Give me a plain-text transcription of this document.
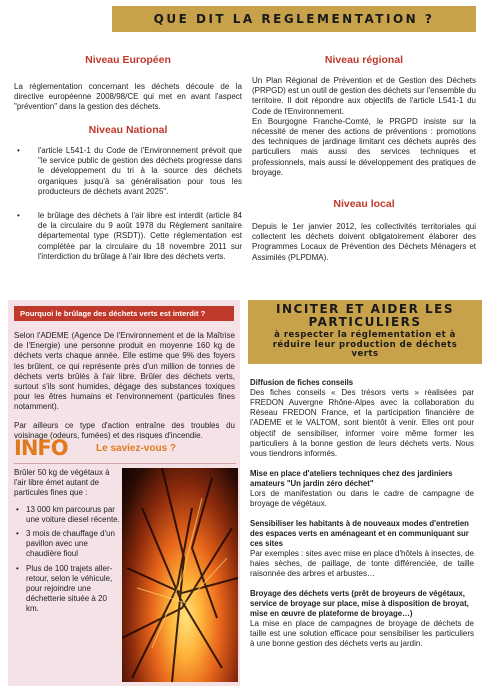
QUE DIT LA REGLEMENTATION ?
Niveau Européen

La réglementation concernant les déchets découle de la directive européenne 2008/98/CE qui met en avant l'aspect "prévention" dans la gestion des déchets.

Niveau National
• l'article L541-1 du Code de l'Environnement prévoit que "le service public de gestion des déchets progresse dans le développement du tri à la source des déchets organiques jusqu'à sa généralisation pour tous les producteurs de déchets avant 2025".
• le brûlage des déchets à l'air libre est interdit (article 84 de la circulaire du 9 août 1978 du Règlement sanitaire départemental type (RSDT)). Cette réglementation est complétée par la circulaire du 18 novembre 2011 sur l'interdiction du brûlage à l'air libre des déchets verts.
Niveau régional

Un Plan Régional de Prévention et de Gestion des Déchets (PRPGD) est un outil de gestion des déchets sur l'ensemble du territoire. Il doit répondre aux objectifs de l'article L541-1 du Code de l'Environnement.

En Bourgogne Franche-Comté, le PRGPD insiste sur la nécessité de mener des actions de préventions : promotions des techniques de jardinage limitant ces déchets auprès des particuliers mais aussi des services techniques et professionnels, mais aussi le développement des pratiques de broyage.

Niveau local

Depuis le 1er janvier 2012, les collectivités territoriales qui collectent les déchets doivent obligatoirement élaborer des Programmes Locaux de Prévention des Déchets Ménagers et Assimilés (PLPDMA).

Pourquoi le brûlage des déchets verts est interdit ?

Selon l'ADEME (Agence De l'Environnement et de la Maîtrise de l'Energie) une personne produit en moyenne 160 kg de déchets verts chaque année. Elle estime que 9% des foyers les brûlent, ce qui représente près d'un million de tonnes de déchets verts brûlés à l'air libre. Brûler des déchets verts, surtout s'ils sont humides, dégage des substances toxiques pour les êtres humains et l'environnement (particules fines notamment).

Par ailleurs ce type d'action entraîne des troubles du voisinage (odeurs, fumées) et des risques d'incendie.

INFO	Le saviez-vous ?

Brûler 50 kg de végétaux à l'air libre émet autant de particules fines que :

• 13 000 km parcourus par une voiture diesel récente.
• 3 mois de chauffage d'un pavillon avec une chaudière fioul
• Plus de 100 trajets aller-retour, selon le véhicule, pour rejoindre une déchetterie située à 20 km.
INCITER ET AIDER LES PARTICULIERS
à respecter la réglementation et à réduire leur production de déchets verts

Diffusion de fiches conseils

Des fiches conseils « Des trésors verts » réalisées par FREDON Auvergne Rhône-Alpes avec la collaboration du Réseau FREDON France, et la participation financière de l'ADEME et le VALTOM, sont bientôt à venir. Elles ont pour objectif de sensibiliser, informer voire même former les particuliers à la bonne gestion de leurs déchets verts. Nous vous tiendrons informés.

Mise en place d'ateliers techniques chez des jardiniers amateurs "Un jardin zéro déchet"

Lors de manifestation ou dans le cadre de campagne de broyage de végétaux.

Sensibiliser les habitants à de nouveaux modes d'entretien des espaces verts en aménageant et en communiquant sur ces sites

Par exemples : sites avec mise en place d'hôtels à insectes, de haies sèches, de paillage, de tonte différenciée, de taille raisonnée des arbres et arbustes…

Broyage des déchets verts (prêt de broyeurs de végétaux, service de broyage sur place, mise à disposition de broyat, mise en œuvre de plateforme de broyage…)

La mise en place de campagnes de broyage de déchets de taille est une solution efficace pour sensibiliser les particuliers à une bonne gestion des déchets verts au jardin.
